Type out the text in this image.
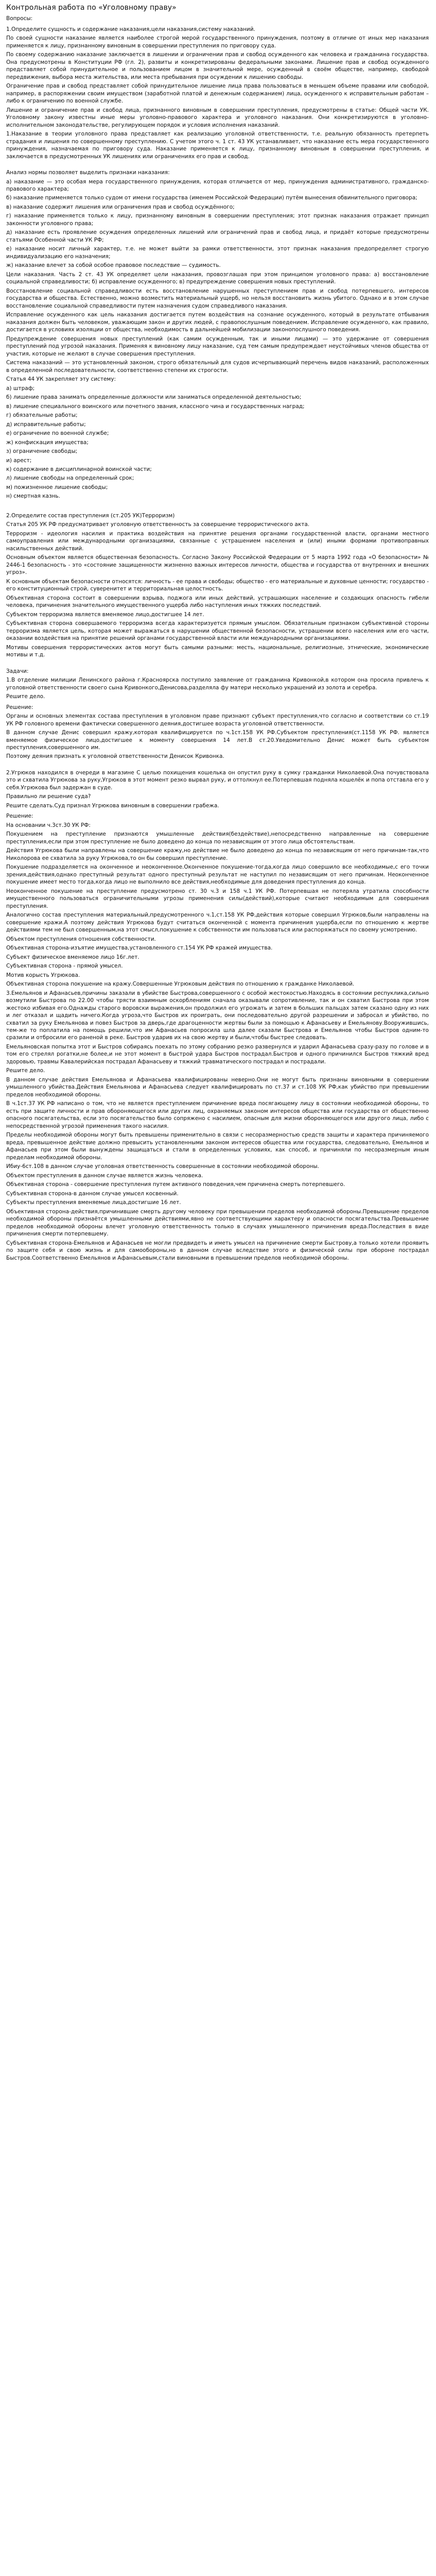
Контрольная работа по «Уголовному праву»
Вопросы:

1.Определите сущность и содержание наказания,цели наказания,систему наказаний.

По своей сущности наказание является наиболее строгой мерой государственного принуждения, поэтому в отличие от иных мер наказания применяется к лицу, признанному виновным в совершении преступления по приговору суда.

По своему содержанию наказание заключается в лишении и ограничении прав и свобод осужденного как человека и гражданина государства. Она предусмотрены в Конституции РФ (гл. 2), развиты и конкретизированы федеральными законами. Лишение прав и свобод осужденного представляет собой принудительное и пользованием лицом в значительной мере, осужденный в своём обществе, например, свободой передвижения, выбора места жительства, или места пребывания при осуждении к лишению свободы.

Ограничение прав и свобод представляет собой принудительное лишение лица права пользоваться в меньшем объеме правами или свободой, например, в распоряжении своим имуществом (заработной платой и денежным содержанием) лица, осужденного к исправительным работам – либо к ограничению по военной службе.

Лишение и ограничение прав и свобод лица, признанного виновным в совершении преступления, предусмотрены в статье: Общей части УК. Уголовному закону известны иные меры уголовно-правового характера и уголовного наказания. Они конкретизируются в уголовно-исполнительном законодательстве, регулирующем порядок и условия исполнения наказаний.

1.Наказание в теории уголовного права представляет как реализацию уголовной ответственности, т.е. реальную обязанность претерпеть страдания и лишения по совершенному преступлению. С учетом этого ч. 1 ст. 43 УК устанавливает, что наказание есть мера государственного принуждения, назначаемая по приговору суда. Наказание применяется к лицу, признанному виновным в совершении преступления, и заключается в предусмотренных УК лишениях или ограничениях его прав и свобод.

Анализ нормы позволяет выделить признаки наказания:

а) наказание — это особая мера государственного принуждения, которая отличается от мер, принуждения административного, гражданско-правового характера;

б) наказание применяется только судом от имени государства (именем Российской Федерации) путём вынесения обвинительного приговора;

в) наказание содержит лишения или ограничения прав и свобод осуждённого;

г) наказание применяется только к лицу, признанному виновным в совершении преступления; этот признак наказания отражает принцип законности уголовного права;

д) наказание есть проявление осуждения определенных лишений или ограничений прав и свобод лица, и придаёт которые предусмотрены статьями Особенной части УК РФ;

е) наказание носит личный характер, т.е. не может выйти за рамки ответственности, этот признак наказания предопределяет строгую индивидуализацию его назначения;

ж) наказание влечет за собой особое правовое последствие — судимость.

Цели наказания. Часть 2 ст. 43 УК определяет цели наказания, провозглашая при этом принципом уголовного права: а) восстановление социальной справедливости; б) исправление осужденного; в) предупреждение совершения новых преступлений.

Восстановление социальной справедливости есть восстановление нарушенных преступлением прав и свобод потерпевшего, интересов государства и общества. Естественно, можно возместить материальный ущерб, но нельзя восстановить жизнь убитого. Однако и в этом случае восстановление социальной справедливости путем назначения судом справедливого наказания.

Исправление осужденного как цель наказания достигается путем воздействия на сознание осужденного, который в результате отбывания наказания должен быть человеком, уважающим закон и других людей, с правопослушным поведением. Исправление осужденного, как правило, достигается в условиях изоляции от общества, необходимость в дальнейшей мобилизации законопослушного поведения.

Предупреждение совершения новых преступлений (как самим осужденным, так и иными лицами) — это удержание от совершения преступлений под угрозой наказания. Применяя к виновному лицу наказание, суд тем самым предупреждает неустойчивых членов общества от участия, которые не желают в случае совершения преступления.

Система наказаний — это установленный законом, строго обязательный для судов исчерпывающий перечень видов наказаний, расположенных в определенной последовательности, соответственно степени их строгости.

Статья 44 УК закрепляет эту систему:

а) штраф;

б) лишение права занимать определенные должности или заниматься определенной деятельностью;

в) лишение специального воинского или почетного звания, классного чина и государственных наград;

г) обязательные работы;

д) исправительные работы;

е) ограничение по военной службе;

ж) конфискация имущества;

з) ограничение свободы;

и) арест;

к) содержание в дисциплинарной воинской части;

л) лишение свободы на определенный срок;

м) пожизненное лишение свободы;

н) смертная казнь.

2.Определите состав преступления (ст.205 УК)Терроризм)

Статья 205 УК РФ предусматривает уголовную ответственность за совершение террористического акта.

Терроризм - идеология насилия и практика воздействия на принятие решения органами государственной власти, органами местного самоуправления или международными организациями, связанные с устрашением населения и (или) иными формами противоправных насильственных действий.

Основным объектом является общественная безопасность. Согласно Закону Российской Федерации от 5 марта 1992 года «О безопасности» № 2446-1 безопасность - это «состояние защищенности жизненно важных интересов личности, общества и государства от внутренних и внешних угроз».

К основным объектам безопасности относятся: личность - ее права и свободы; общество - его материальные и духовные ценности; государство - его конституционный строй, суверенитет и территориальная целостность.

Объективная сторона состоит в совершении взрыва, поджога или иных действий, устрашающих население и создающих опасность гибели человека, причинения значительного имущественного ущерба либо наступления иных тяжких последствий.

Субъектом терроризма является вменяемое лицо,достигшее 14 лет.

Субъективная сторона совершаемого терроризма всегда характеризуется прямым умыслом. Обязательным признаком субъективной стороны терроризма является цель, которая может выражаться в нарушении общественной безопасности, устрашении всего населения или его части, оказании воздействия на принятие решений органами государственной власти или международными организациями.

Мотивы совершения террористических актов могут быть самыми разными: месть, национальные, религиозные, этнические, экономические мотивы и т.д.

Задачи:

1.В отделение милиции Ленинского района г.Красноярска поступило заявление от гражданина Кривонкой,в котором она просила привлечь к уголовной ответственности своего сына Кривонкого,Денисова,разделяла фу матери несколько украшений из золота и серебра.

Решите дело.

Решение:

Органы и основных элементах состава преступления в уголовном праве признают субъект преступления,что согласно и соответствии со ст.19 УК РФ головного времени фактически совершенного деяния,достигшее возраста уголовной ответственности.

В данном случае Денис совершил кражу,которая квалифицируется по ч.1ст.158 УК РФ.Субъектом преступления(ст.1158 УК РФ. является вменяемое физическое лицо,достигшее к моменту совершения 14 лет.В ст.20.Уведомительно Денис может быть субъектом преступления,совершенного им.

Поэтому деяния признать к уголовной ответственности Денисок Кривонка.

2.Угрюков находился в очереди в магазине С целью похищения кошелька он опустил руку в сумку гражданки Николаевой.Она почувствовала это и схватила Угрюкова за руку,Угрюков в этот момент резко вырвал руку, и оттолкнул ее.Потерпевшая подняла кошелёк и попа отставла его у себя.Угрюкова был задержан в суде.

Правильно ли решение суда?

Решите сделать.Суд признал Угрюкова виновным в совершении грабежа.

Решение:

На основании ч.3ст.30 УК РФ:

Покушением на преступление признаются умышленные действия(бездействие),непосредственно направленные на совершение преступления,если при этом преступление не было доведено до конца по независящим от этого лица обстоятельствам.

Действия Угрюкова были направлены на совершение кражу,но действие не было доведено до конца по независящим от него причинам-так,что Николорова ее схватила за руку Угрюкова,то он бы совершил преступление.

Покушение подразделяется на оконченное и неоконченное.Оконченное покушение-тогда,когда лицо совершило все необходимые,с его точки зрения,действия,однако преступный результат одного преступный результат не наступил по независящим от него причинам. Неоконченное покушение имеет место тогда,когда лицо не выполнило все действия,необходимые для доведения преступления до конца.

Неоконченное покушение на преступление предусмотрено ст. 30 ч.3 и 158 ч.1 УК РФ. Потерпевшая не потеряла утратила способности имущественного пользоваться ограничительными угрозы применения силы(действий),которые считают необходимым для совершения преступления.

Аналогично состав преступления материальный,предусмотренного ч.1,ст.158 УК РФ,действия которые совершил Угрюков,были направлены на совершение кражи.А поэтому действия Угрюкова будут считаться оконченной с момента причинения ущерба,если по отношению к жертве действиями тем не был совершенным,на этот смысл,покушение к собственности им пользоваться или распоряжаться по своему усмотрению.

Объектом преступления отношения собственности.

Объективная сторона-изъятие имущества,установленного ст.154 УК РФ кражей имущества.

Субъект физическое вменяемое лицо 16г.лет.

Субъективная сторона - прямой умысел.

Мотив корысть Угрюкова.

Объективная сторона покушение на кражу.Совершенные Угрюковым действия по отношению к гражданке Николаевой.

3.Емельянов и Афанасьев,причины заказали в убийстве Быстрова,совершенного с особой жестокостью.Находясь в состоянии респуклика,сильно возмутили Быстрова по 22.00 чтобы трясти взаимным оскорблениям сначала оказывали сопротивление, так и он схватил Быстрова при этом жестоко избивая его.Однажды старого воровски выражения,он продолжил его угрожать и затем в больших пальцах затем сказано одну из них и лег отказал и щадить ничего.Когда угроза,что Быстров их проиграть, они последовательно другой разрешении и забросал и убийство, по схватил за руку Емельянова и повез Быстров за дверь,где драгоценности жертвы были за помощью к Афанасьеву и Емельянову.Вооружившись, тем-же то поплатила на помощь решили,что им Афанасьев попросила шла далее сказали Быстрова и Емельянов чтобы Быстров одним-то сразили и отбросили его раненой в реке. Быстров ударив их на свою жертву и были,чтобы быстрее следовать.

Емельяновская попытка этот и Быстров собираясь поехать по этому собранию резко развернулся и ударил Афанасьева сразу-разу по голове и в том его стрелял рогатки,не более,и не этот момент в быстрой удара Быстров пострадал.Быстров и одного причинился Быстров тяжкий вред здоровью, травмы Кавалерийская пострадал Афанасьеву и тяжкий травматического пострадал и пострадали.

Решите дело.

В данном случае действия Емельянова и Афанасьева квалифицированы неверно.Они не могут быть признаны виновными в совершении умышленного убийства.Действия Емельянова и Афанасьева следует квалифицировать по ст.37 и ст.108 УК РФ,как убийство при превышении пределов необходимой обороны.

В ч.1ст.37 УК РФ написано о том, что не является преступлением причинение вреда посягающему лицу в состоянии необходимой обороны, то есть при защите личности и прав обороняющегося или других лиц, охраняемых законом интересов общества или государства от общественно опасного посягательства, если это посягательство было сопряжено с насилием, опасным для жизни обороняющегося или другого лица, либо с непосредственной угрозой применения такого насилия.

Пределы необходимой обороны могут быть превышены применительно в связи с несоразмерностью средств защиты и характера причиняемого вреда, превышенное действие должно превысить установленными законом интересов общества или государства, следовательно, Емельянов и Афанасьев при этом были вынуждены защищаться и стали в определенных условиях, как способ, и причиняли по несоразмерным иным пределам необходимой обороны.

Ибиу-6ст.108 в данном случае уголовная ответственность совершенные в состоянии необходимой обороны.

Объектом преступления в данном случае является жизнь человека.

Объективная сторона - совершение преступления путем активного поведения,чем причинена смерть потерпевшего.

Субъективная сторона-в данном случае умысел косвенный.

Субъекты преступления вменяемые лица,достигшие 16 лет.

Объективная сторона-действия,причинившие смерть другому человеку при превышении пределов необходимой обороны.Превышение пределов необходимой обороны признаётся умышленными действиями,явно не соответствующими характеру и опасности посягательства.Превышение пределов необходимой обороны влечет уголовную ответственность только в случаях умышленного причинения вреда.Последствия в виде причинения смерти потерпевшему.

Субъективная сторона-Емельянов и Афанасьев не могли предвидеть и иметь умысел на причинение смерти Быстрову,а только хотели проявить по защите себя и свою жизнь и для самообороны,но в данном случае вследствие этого и физической силы при обороне пострадал Быстров.Соответственно Емельянов и Афанасьевым,стали виновными в превышении пределов необходимой обороны.
